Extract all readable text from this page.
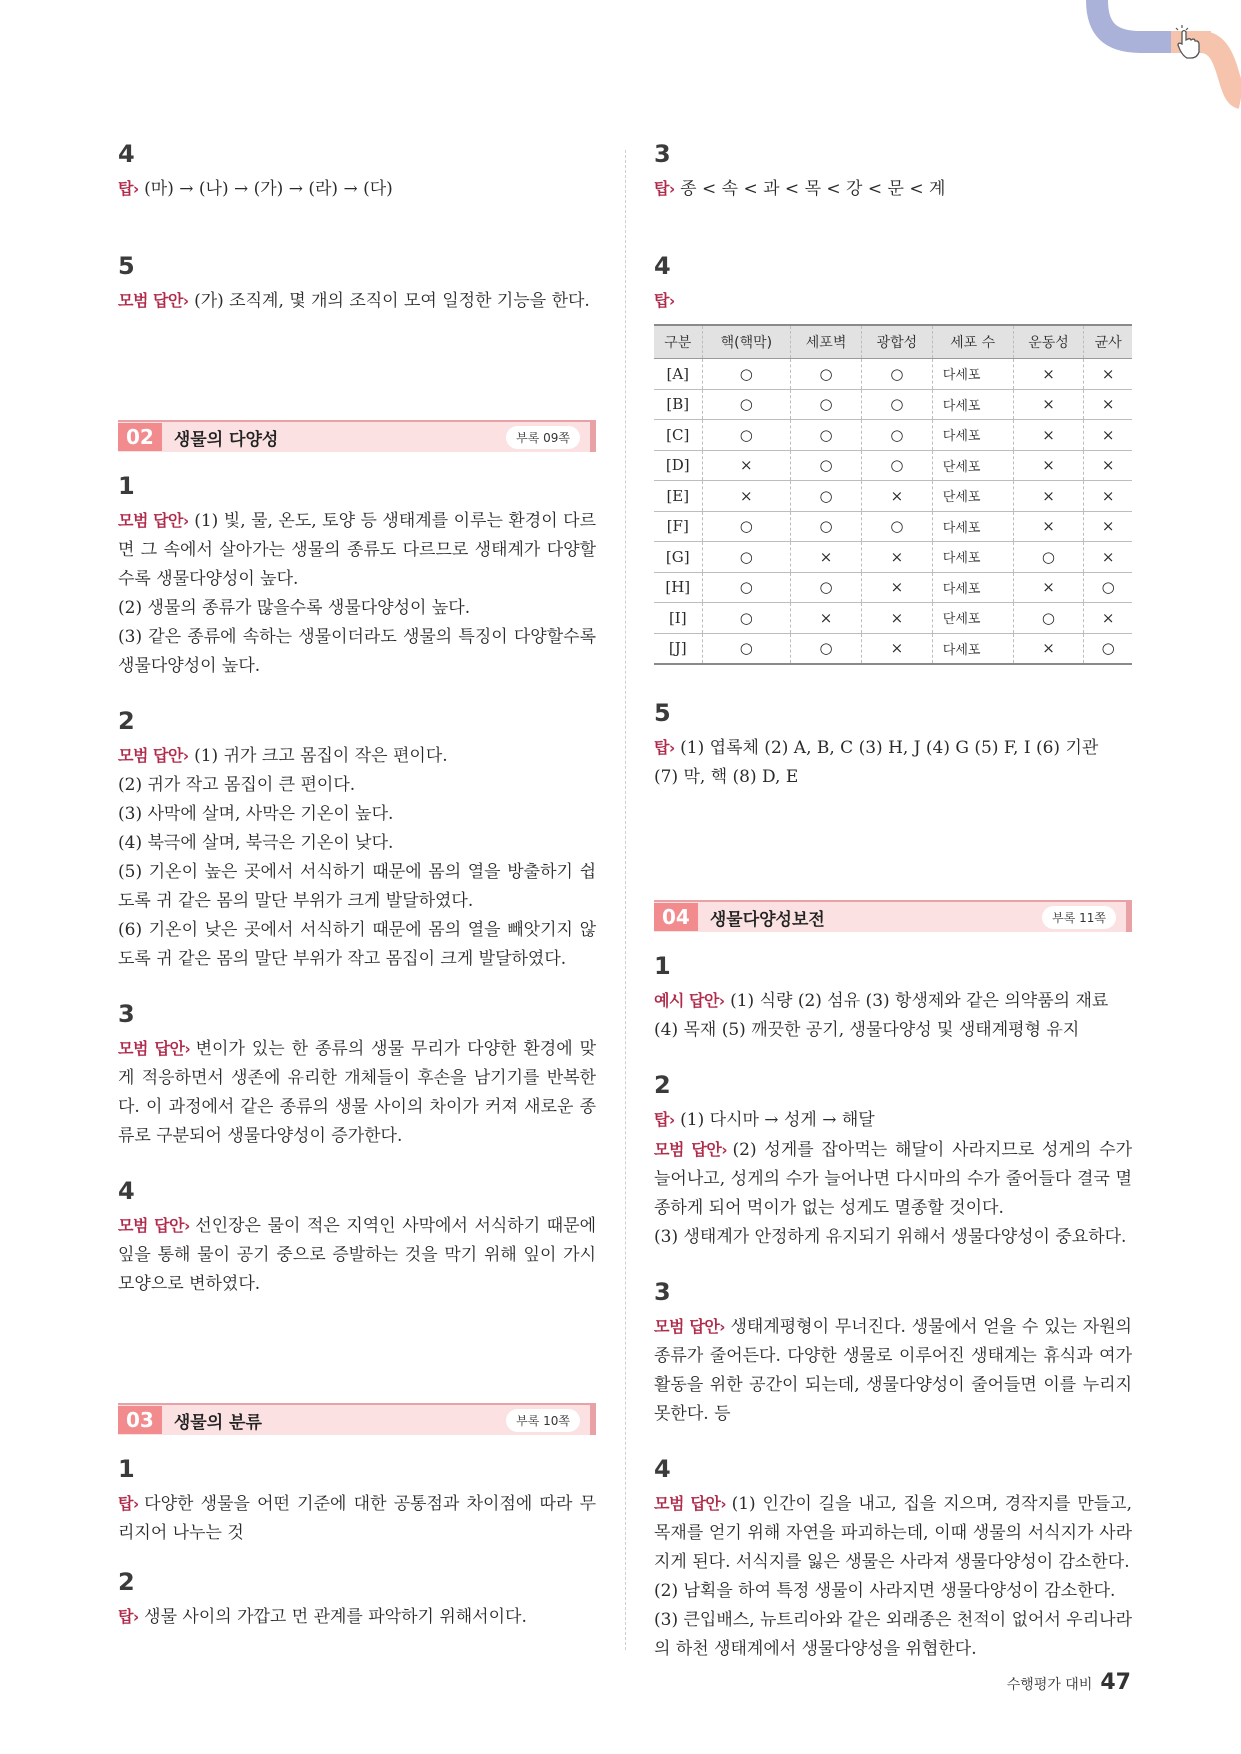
4

탑› (마) → (나) → (가) → (라) → (다)

5

모범 답안› (가) 조직계, 몇 개의 조직이 모여 일정한 기능을 한다.

02	생물의 다양성	부록 09쪽
1

모범 답안› (1) 빛, 물, 온도, 토양 등 생태계를 이루는 환경이 다르면 그 속에서 살아가는 생물의 종류도 다르므로 생태계가 다양할수록 생물다양성이 높다.
(2) 생물의 종류가 많을수록 생물다양성이 높다.
(3) 같은 종류에 속하는 생물이더라도 생물의 특징이 다양할수록 생물다양성이 높다.

2

모범 답안› (1) 귀가 크고 몸집이 작은 편이다.
(2) 귀가 작고 몸집이 큰 편이다.
(3) 사막에 살며, 사막은 기온이 높다.
(4) 북극에 살며, 북극은 기온이 낮다.
(5) 기온이 높은 곳에서 서식하기 때문에 몸의 열을 방출하기 쉽도록 귀 같은 몸의 말단 부위가 크게 발달하였다.
(6) 기온이 낮은 곳에서 서식하기 때문에 몸의 열을 빼앗기지 않도록 귀 같은 몸의 말단 부위가 작고 몸집이 크게 발달하였다.

3

모범 답안› 변이가 있는 한 종류의 생물 무리가 다양한 환경에 맞게 적응하면서 생존에 유리한 개체들이 후손을 남기기를 반복한다. 이 과정에서 같은 종류의 생물 사이의 차이가 커져 새로운 종류로 구분되어 생물다양성이 증가한다.

4

모범 답안› 선인장은 물이 적은 지역인 사막에서 서식하기 때문에 잎을 통해 물이 공기 중으로 증발하는 것을 막기 위해 잎이 가시 모양으로 변하였다.

03	생물의 분류	부록 10쪽
1

탑› 다양한 생물을 어떤 기준에 대한 공통점과 차이점에 따라 무리지어 나누는 것

2

탑› 생물 사이의 가깝고 먼 관계를 파악하기 위해서이다.

3

탑› 종 < 속 < 과 < 목 < 강 < 문 < 계

4

탑›

구분	핵(핵막)	세포벽	광합성	세포 수	운동성	균사
[A]	○	○	○	다세포	×	×
[B]	○	○	○	다세포	×	×
[C]	○	○	○	다세포	×	×
[D]	×	○	○	단세포	×	×
[E]	×	○	×	단세포	×	×
[F]	○	○	○	다세포	×	×
[G]	○	×	×	다세포	○	×
[H]	○	○	×	다세포	×	○
[I]	○	×	×	단세포	○	×
[J]	○	○	×	다세포	×	○
5

탑› (1) 엽록체 (2) A, B, C (3) H, J (4) G (5) F, I (6) 기관
(7) 막, 핵 (8) D, E

04	생물다양성보전	부록 11쪽
1

예시 답안› (1) 식량 (2) 섬유 (3) 항생제와 같은 의약품의 재료
(4) 목재 (5) 깨끗한 공기, 생물다양성 및 생태계평형 유지

2

탑› (1) 다시마 → 성게 → 해달
모범 답안› (2) 성게를 잡아먹는 해달이 사라지므로 성게의 수가 늘어나고, 성게의 수가 늘어나면 다시마의 수가 줄어들다 결국 멸종하게 되어 먹이가 없는 성게도 멸종할 것이다.
(3) 생태계가 안정하게 유지되기 위해서 생물다양성이 중요하다.

3

모범 답안› 생태계평형이 무너진다. 생물에서 얻을 수 있는 자원의 종류가 줄어든다. 다양한 생물로 이루어진 생태계는 휴식과 여가 활동을 위한 공간이 되는데, 생물다양성이 줄어들면 이를 누리지 못한다. 등

4

모범 답안› (1) 인간이 길을 내고, 집을 지으며, 경작지를 만들고, 목재를 얻기 위해 자연을 파괴하는데, 이때 생물의 서식지가 사라지게 된다. 서식지를 잃은 생물은 사라져 생물다양성이 감소한다.
(2) 남획을 하여 특정 생물이 사라지면 생물다양성이 감소한다.
(3) 큰입배스, 뉴트리아와 같은 외래종은 천적이 없어서 우리나라의 하천 생태계에서 생물다양성을 위협한다.

수행평가 대비 47
